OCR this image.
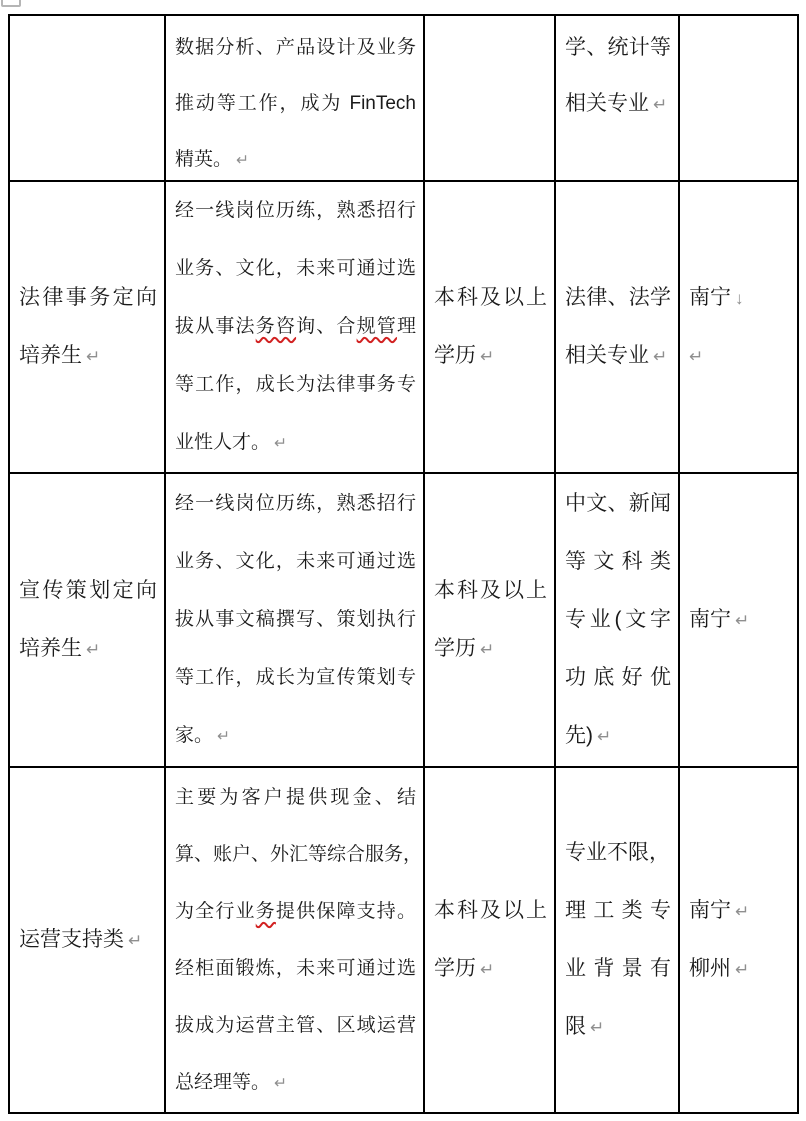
数据分析、产品设计及业务
推动等工作，成为 FinTech
精英。 ↵
学、统计等
相关专业 ↵
法律事务定向
培养生 ↵
经一线岗位历练，熟悉招行
业务、文化，未来可通过选
拔从事法务咨询、合规管理
等工作，成长为法律事务专
业性人才。 ↵
本科及以上
学历 ↵
法律、法学
相关专业 ↵
南宁 ↓
↵
宣传策划定向
培养生 ↵
经一线岗位历练，熟悉招行
业务、文化，未来可通过选
拔从事文稿撰写、策划执行
等工作，成长为宣传策划专
家。 ↵
本科及以上
学历 ↵
中文、新闻
等文科类
专业(文字
功底好优
先) ↵
南宁 ↵
运营支持类 ↵
主要为客户提供现金、结
算、账户、外汇等综合服务，
为全行业务提供保障支持。
经柜面锻炼，未来可通过选
拔成为运营主管、区域运营
总经理等。 ↵
本科及以上
学历 ↵
专业不限，
理工类专
业背景有
限 ↵
南宁 ↵
柳州 ↵
